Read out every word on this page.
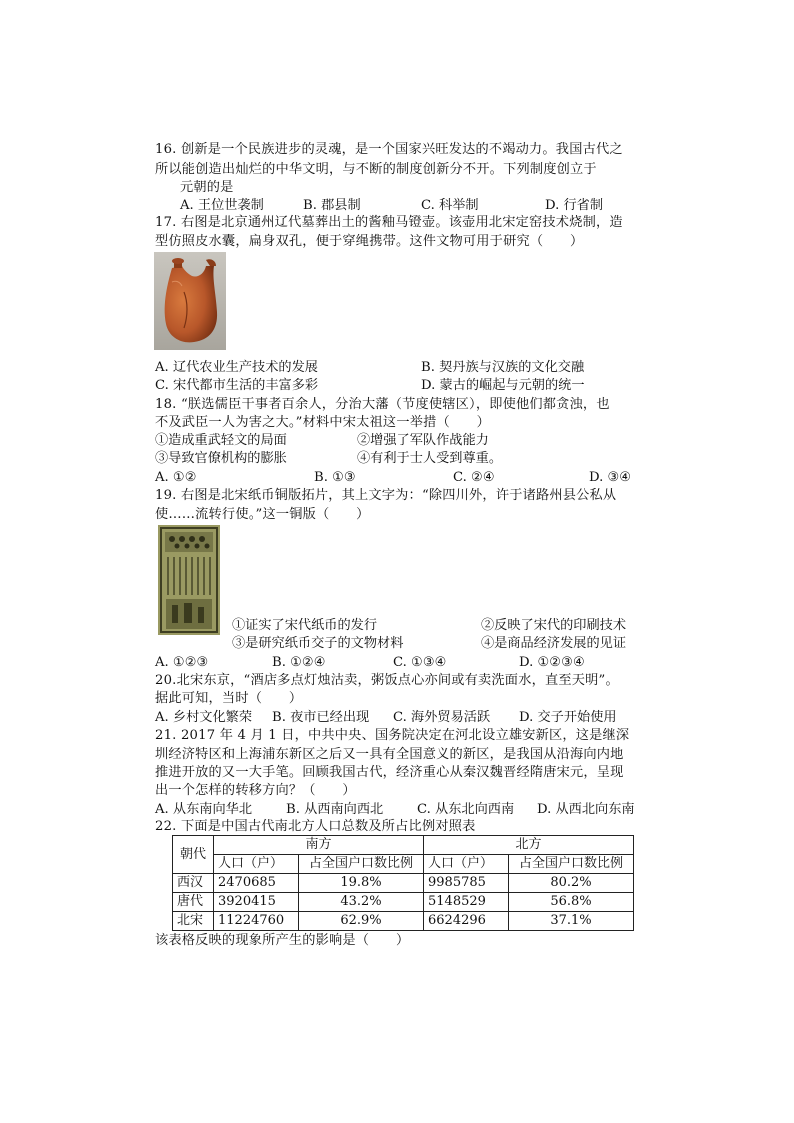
16. 创新是一个民族进步的灵魂，是一个国家兴旺发达的不竭动力。我国古代之
所以能创造出灿烂的中华文明，与不断的制度创新分不开。下列制度创立于
元朝的是
A. 王位世袭制	B. 郡县制	C. 科举制	D. 行省制
17. 右图是北京通州辽代墓葬出土的酱釉马镫壶。该壶用北宋定窑技术烧制，造
型仿照皮水囊，扁身双孔，便于穿绳携带。这件文物可用于研究（　　）
A. 辽代农业生产技术的发展	B. 契丹族与汉族的文化交融
C. 宋代都市生活的丰富多彩	D. 蒙古的崛起与元朝的统一
18. “朕选儒臣干事者百余人，分治大藩（节度使辖区），即使他们都贪浊，也
不及武臣一人为害之大。”材料中宋太祖这一举措（　　）
①造成重武轻文的局面	②增强了军队作战能力
③导致官僚机构的膨胀	④有利于士人受到尊重。
A. ①②	B. ①③	C. ②④	D. ③④
19. 右图是北宋纸币铜版拓片，其上文字为：“除四川外，许于诸路州县公私从
使……流转行使。”这一铜版（　　）
①证实了宋代纸币的发行	②反映了宋代的印刷技术
③是研究纸币交子的文物材料	④是商品经济发展的见证
A. ①②③	B. ①②④	C. ①③④	D. ①②③④
20.北宋东京，“酒店多点灯烛沽卖，粥饭点心亦间或有卖洗面水，直至天明”。
据此可知，当时（　　）
A. 乡村文化繁荣 B. 夜市已经出现 C. 海外贸易活跃 D. 交子开始使用
21. 2017 年 4 月 1 日，中共中央、国务院决定在河北设立雄安新区，这是继深
圳经济特区和上海浦东新区之后又一具有全国意义的新区，是我国从沿海向内地
推进开放的又一大手笔。回顾我国古代，经济重心从秦汉魏晋经隋唐宋元，呈现
出一个怎样的转移方向？（　　）
A. 从东南向华北	B. 从西南向西北	C. 从东北向西南 D. 从西北向东南
22. 下面是中国古代南北方人口总数及所占比例对照表
朝代	南方		北方	
	人口（户）	占全国户口数比例	人口（户）	占全国户口数比例
西汉	2470685	19.8%	9985785	80.2%
唐代	3920415	43.2%	5148529	56.8%
北宋	11224760	62.9%	6624296	37.1%
该表格反映的现象所产生的影响是（　　）
